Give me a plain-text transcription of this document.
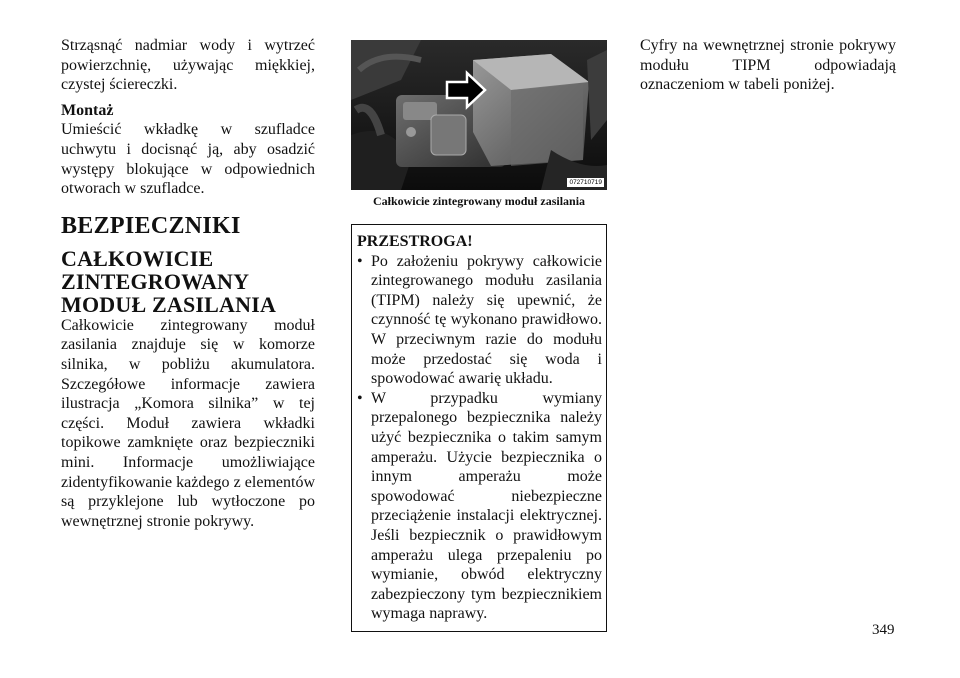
Strząsnąć nadmiar wody i wytrzeć powierzchnię, używając miękkiej, czystej ściereczki.

Montaż

Umieścić wkładkę w szufladce uchwytu i docisnąć ją, aby osadzić występy blokujące w odpowiednich otworach w szufladce.

BEZPIECZNIKI
CAŁKOWICIE
ZINTEGROWANY
MODUŁ ZASILANIA

Całkowicie zintegrowany moduł zasilania znajduje się w komorze silnika, w pobliżu akumulatora. Szczegółowe informacje zawiera ilustracja „Komora silnika” w tej części. Moduł zawiera wkładki topikowe zamknięte oraz bezpieczniki mini. Informacje umożliwiające zidentyfikowanie każdego z elementów są przyklejone lub wytłoczone po wewnętrznej stronie pokrywy.

072710719
Całkowicie zintegrowany moduł zasilania
PRZESTROGA!
• Po założeniu pokrywy całkowicie zintegrowanego modułu zasilania (TIPM) należy się upewnić, że czynność tę wykonano prawidłowo. W przeciwnym razie do modułu może przedostać się woda i spowodować awarię układu.
• W przypadku wymiany przepalonego bezpiecznika należy użyć bezpiecznika o takim samym amperażu. Użycie bezpiecznika o innym amperażu może spowodować niebezpieczne przeciążenie instalacji elektrycznej. Jeśli bezpiecznik o prawidłowym amperażu ulega przepaleniu po wymianie, obwód elektryczny zabezpieczony tym bezpiecznikiem wymaga naprawy.

Cyfry na wewnętrznej stronie pokrywy modułu TIPM odpowiadają oznaczeniom w tabeli poniżej.

349
